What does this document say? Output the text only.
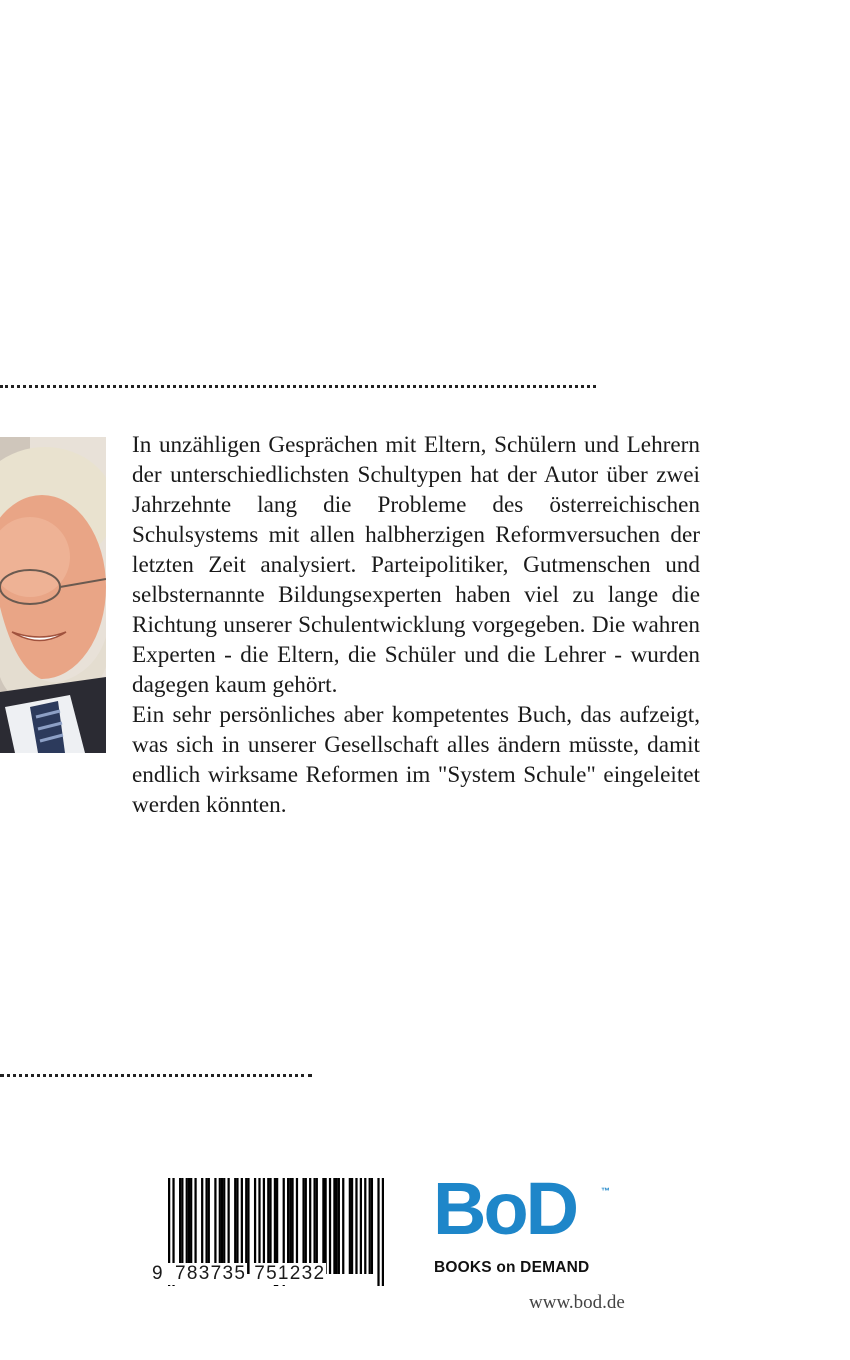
In unzähligen Gesprächen mit Eltern, Schülern und Lehrern der unterschiedlichsten Schultypen hat der Autor über zwei Jahrzehnte lang die Probleme des österreichischen Schulsystems mit allen halbherzigen Reformversuchen der letzten Zeit analysiert. Parteipolitiker, Gutmenschen und selbsternannte Bildungsexperten haben viel zu lange die Richtung unserer Schulentwicklung vorgegeben. Die wahren Experten - die Eltern, die Schüler und die Lehrer - wurden dagegen kaum gehört.

Ein sehr persönliches aber kompetentes Buch, das aufzeigt, was sich in unserer Gesellschaft alles ändern müsste, damit endlich wirksame Reformen im "System Schule" eingeleitet werden könnten.

9 783735 751232
BoD	™
BOOKS on DEMAND
www.bod.de
